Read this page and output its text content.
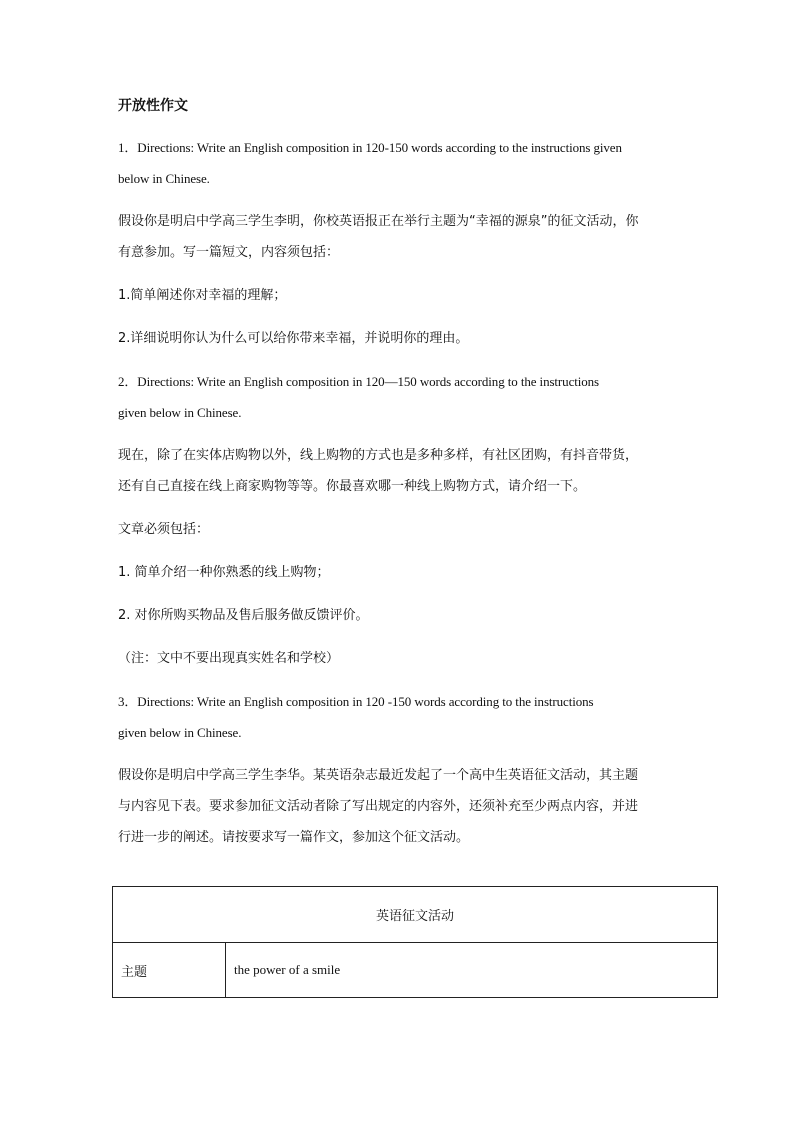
开放性作文
1．Directions: Write an English composition in 120-150 words according to the instructions given
below in Chinese.
假设你是明启中学高三学生李明，你校英语报正在举行主题为“幸福的源泉”的征文活动，你
有意参加。写一篇短文，内容须包括：
1.简单阐述你对幸福的理解；
2.详细说明你认为什么可以给你带来幸福，并说明你的理由。
2．Directions: Write an English composition in 120—150 words according to the instructions
given below in Chinese.
现在，除了在实体店购物以外，线上购物的方式也是多种多样，有社区团购，有抖音带货，
还有自己直接在线上商家购物等等。你最喜欢哪一种线上购物方式，请介绍一下。
文章必须包括：
1. 简单介绍一种你熟悉的线上购物；
2. 对你所购买物品及售后服务做反馈评价。
（注：文中不要出现真实姓名和学校）
3．Directions: Write an English composition in 120 -150 words according to the instructions
given below in Chinese.
假设你是明启中学高三学生李华。某英语杂志最近发起了一个高中生英语征文活动，其主题
与内容见下表。要求参加征文活动者除了写出规定的内容外，还须补充至少两点内容，并进
行进一步的阐述。请按要求写一篇作文，参加这个征文活动。
英语征文活动
主题	the power of a smile
